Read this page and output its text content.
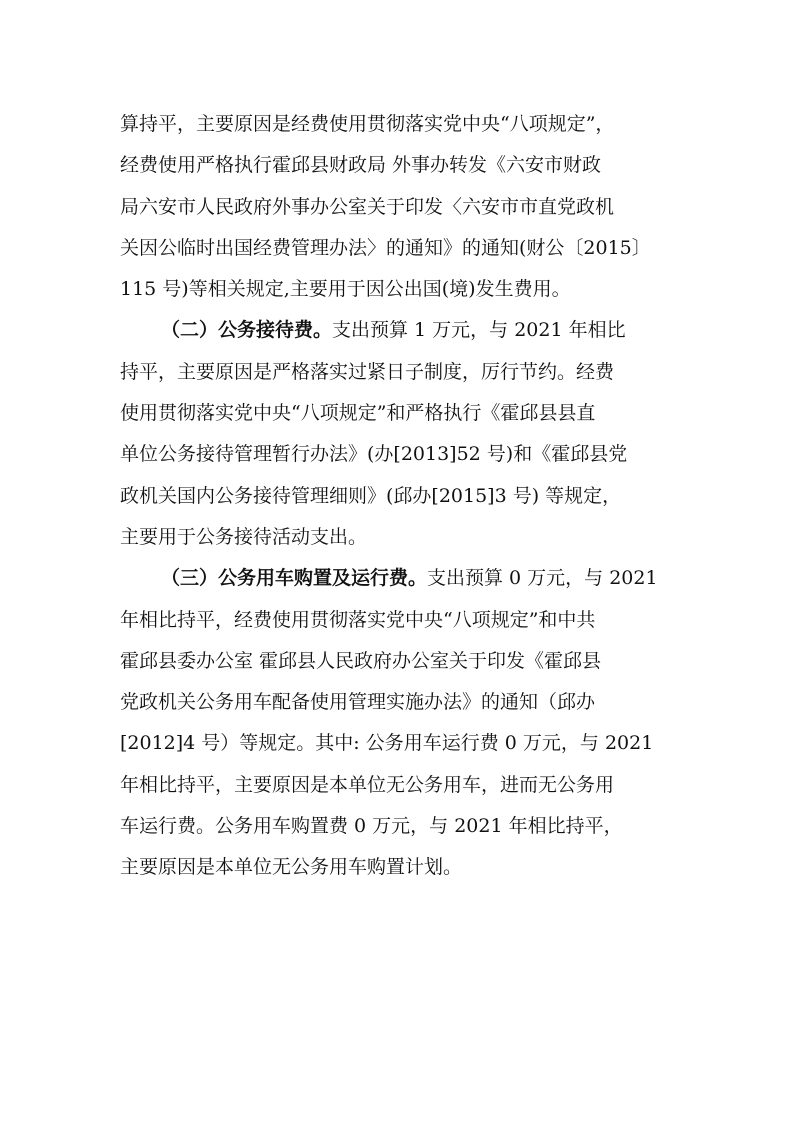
算持平，主要原因是经费使用贯彻落实党中央“八项规定”，
经费使用严格执行霍邱县财政局 外事办转发《六安市财政
局六安市人民政府外事办公室关于印发〈六安市市直党政机
关因公临时出国经费管理办法〉的通知》的通知(财公〔2015〕
115 号)等相关规定,主要用于因公出国(境)发生费用。
（二）公务接待费。支出预算 1 万元，与 2021 年相比
持平，主要原因是严格落实过紧日子制度，厉行节约。经费
使用贯彻落实党中央“八项规定”和严格执行《霍邱县县直
单位公务接待管理暂行办法》(办[2013]52 号)和《霍邱县党
政机关国内公务接待管理细则》(邱办[2015]3 号) 等规定，
主要用于公务接待活动支出。
（三）公务用车购置及运行费。支出预算 0 万元，与 2021
年相比持平，经费使用贯彻落实党中央“八项规定”和中共
霍邱县委办公室 霍邱县人民政府办公室关于印发《霍邱县
党政机关公务用车配备使用管理实施办法》的通知（邱办
[2012]4 号）等规定。其中: 公务用车运行费 0 万元，与 2021
年相比持平，主要原因是本单位无公务用车，进而无公务用
车运行费。公务用车购置费 0 万元，与 2021 年相比持平，
主要原因是本单位无公务用车购置计划。
